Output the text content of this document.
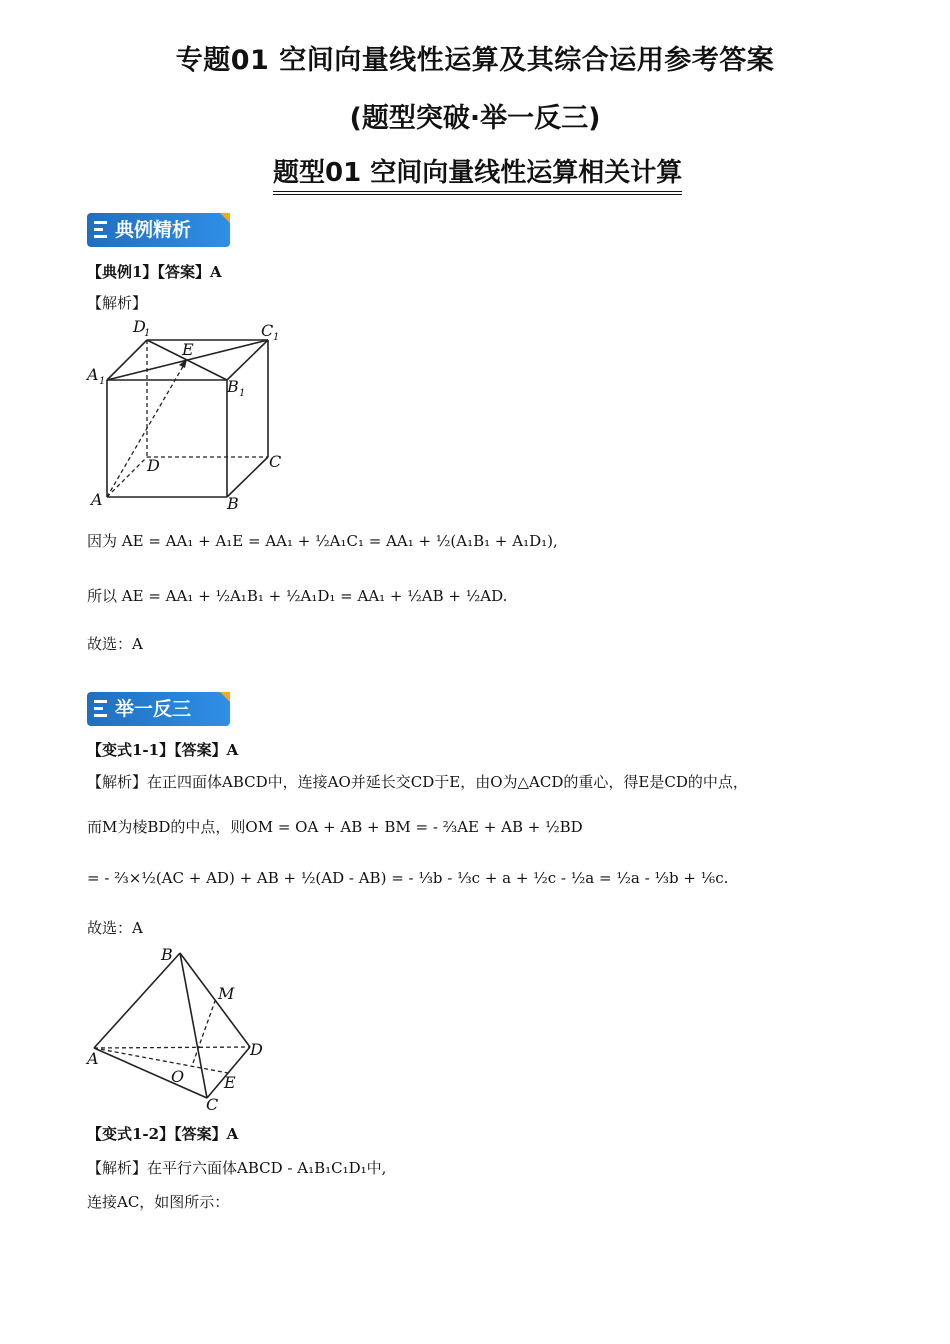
专题01 空间向量线性运算及其综合运用参考答案
(题型突破·举一反三)
题型01 空间向量线性运算相关计算
典例精析
【典例1】【答案】A
【解析】
D
1	C 1
E
A 1	B 1
D	C
A	B
因为 AE = AA₁ + A₁E = AA₁ + ½A₁C₁ = AA₁ + ½(A₁B₁ + A₁D₁),
所以 AE = AA₁ + ½A₁B₁ + ½A₁D₁ = AA₁ + ½AB + ½AD.
故选：A
举一反三
【变式1-1】【答案】A
【解析】在正四面体ABCD中，连接AO并延长交CD于E，由O为△ACD的重心，得E是CD的中点，
而M为棱BD的中点，则OM = OA + AB + BM = - ⅔AE + AB + ½BD
= - ⅔×½(AC + AD) + AB + ½(AD - AB) = - ⅓b - ⅓c + a + ½c - ½a = ½a - ⅓b + ⅙c.
故选：A
B
M
A	D
O E
C
【变式1-2】【答案】A
【解析】在平行六面体ABCD - A₁B₁C₁D₁中,
连接AC，如图所示：
